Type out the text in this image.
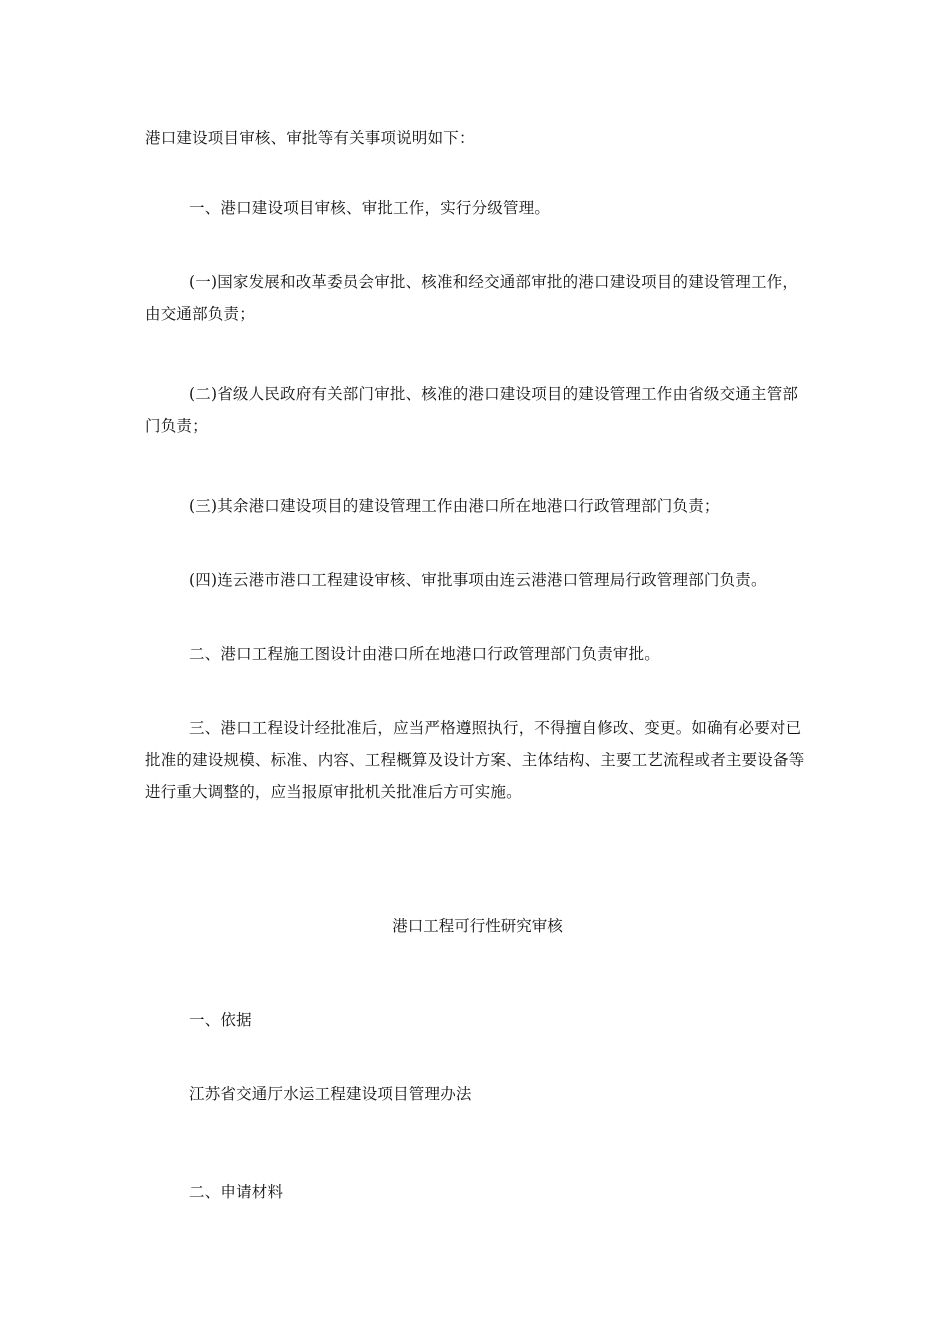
港口建设项目审核、审批等有关事项说明如下：

一、港口建设项目审核、审批工作，实行分级管理。

(一)国家发展和改革委员会审批、核准和经交通部审批的港口建设项目的建设管理工作，由交通部负责；

(二)省级人民政府有关部门审批、核准的港口建设项目的建设管理工作由省级交通主管部门负责；

(三)其余港口建设项目的建设管理工作由港口所在地港口行政管理部门负责；

(四)连云港市港口工程建设审核、审批事项由连云港港口管理局行政管理部门负责。

二、港口工程施工图设计由港口所在地港口行政管理部门负责审批。

三、港口工程设计经批准后，应当严格遵照执行，不得擅自修改、变更。如确有必要对已批准的建设规模、标准、内容、工程概算及设计方案、主体结构、主要工艺流程或者主要设备等进行重大调整的，应当报原审批机关批准后方可实施。

港口工程可行性研究审核

一、依据

江苏省交通厅水运工程建设项目管理办法

二、申请材料
